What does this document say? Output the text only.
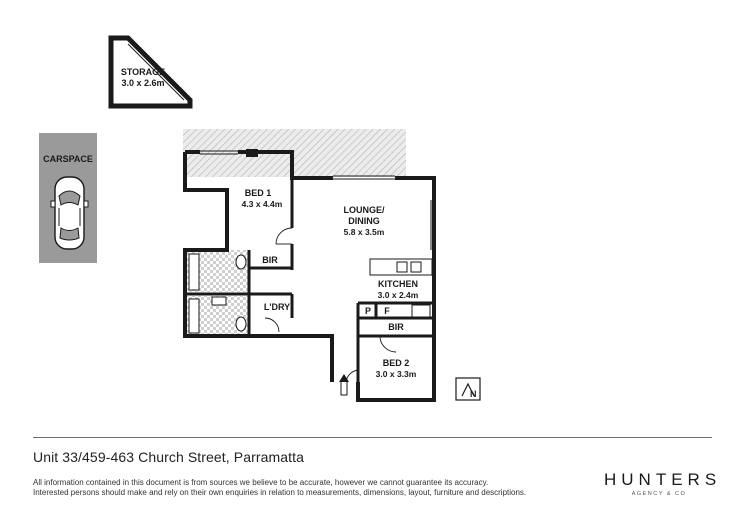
STORAGE
3.0 x 2.6m
CARSPACE
BED 1
4.3 x 4.4m
LOUNGE/
DINING
5.8 x 3.5m
BIR
KITCHEN
3.0 x 2.4m
L'DRY	P F
BIR
BED 2
3.0 x 3.3m
N
Unit 33/459-463 Church Street, Parramatta
All information contained in this document is from sources we believe to be accurate, however we cannot guarantee its accuracy.
Interested persons should make and rely on their own enquiries in relation to measurements, dimensions, layout, furniture and descriptions.
HUNTERS
AGENCY & CO
